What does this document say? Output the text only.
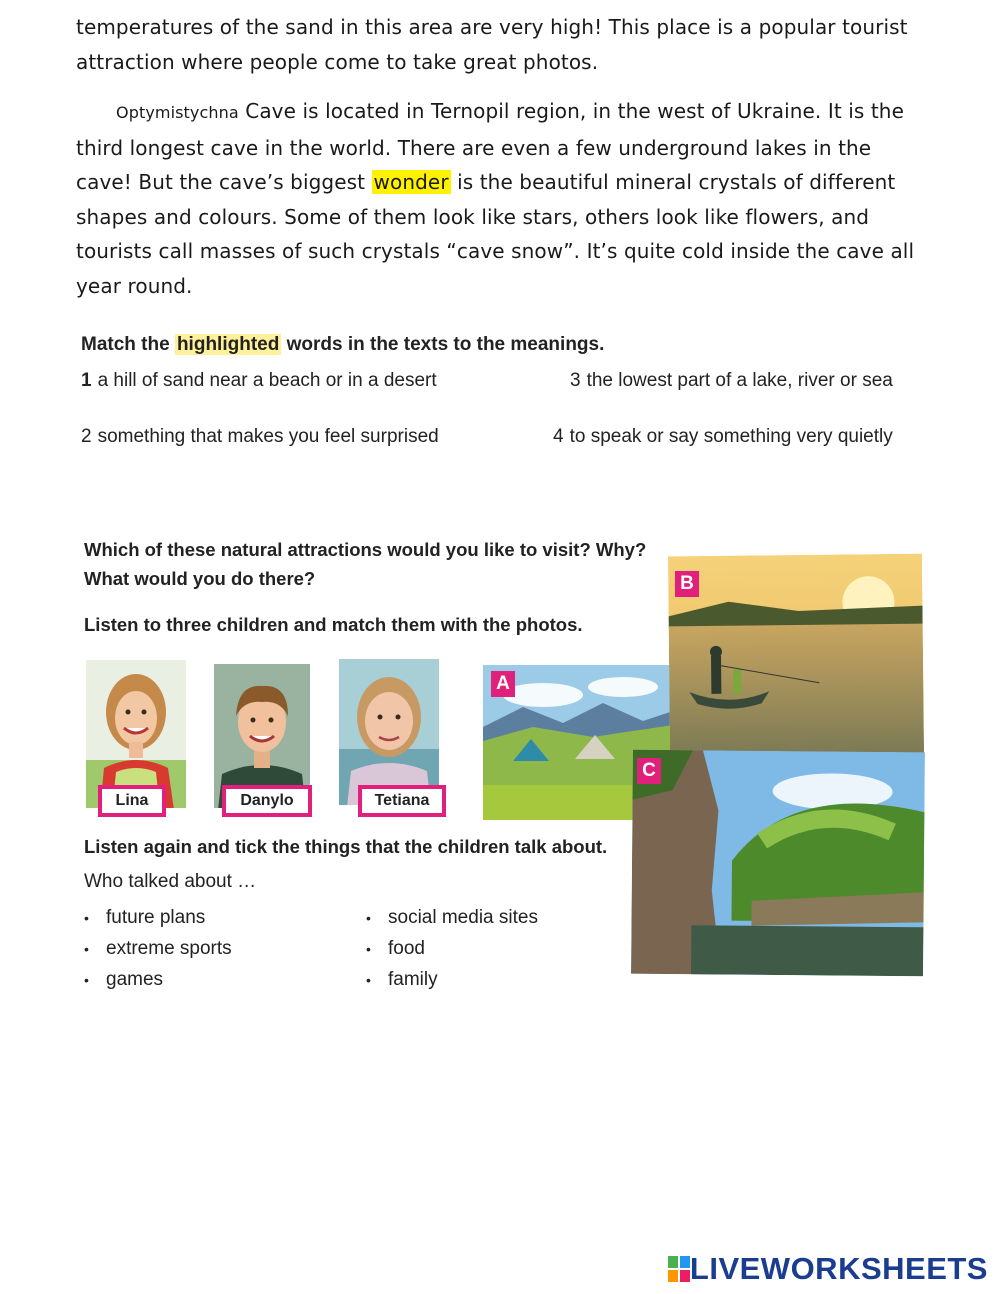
temperatures of the sand in this area are very high! This place is a popular tourist attraction where people come to take great photos.

Optymistychna Cave is located in Ternopil region, in the west of Ukraine. It is the third longest cave in the world. There are even a few underground lakes in the cave! But the cave’s biggest wonder is the beautiful mineral crystals of different shapes and colours. Some of them look like stars, others look like flowers, and tourists call masses of such crystals “cave snow”. It’s quite cold inside the cave all year round.

Match the highlighted words in the texts to the meanings.
1 a hill of sand near a beach or in a desert
2 something that makes you feel surprised
3 the lowest part of a lake, river or sea
4 to speak or say something very quietly
Which of these natural attractions would you like to visit? Why?
What would you do there?
Listen to three children and match them with the photos.
Lina	Danylo	Tetiana
A
B
C
Listen again and tick the things that the children talk about.
Who talked about …
• future plans
• extreme sports
• games
• social media sites
• food
• family
LIVEWORKSHEETS
